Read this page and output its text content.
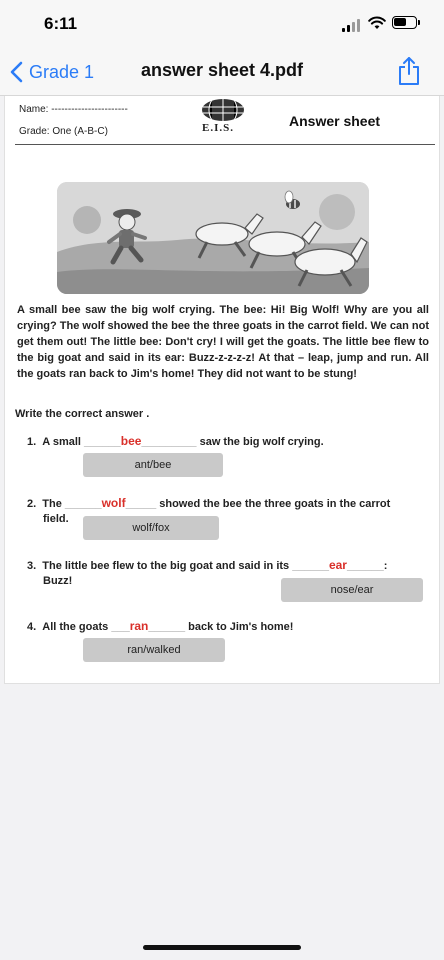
6:11
Grade 1	answer sheet 4.pdf
Name: -----------------------
Grade: One (A-B-C)	E.I.S.	Answer sheet
A small bee saw the big wolf crying. The bee: Hi! Big Wolf! Why are you all crying? The wolf showed the bee the three goats in the carrot field. We can not get them out! The little bee: Don't cry! I will get the goats. The little bee flew to the big goat and said in its ear: Buzz-z-z-z-z! At that – leap, jump and run. All the goats ran back to Jim's home! They did not want to be stung!
Write the correct answer .
1. A small ______bee_________ saw the big wolf crying.
ant/bee
2. The ______wolf_____ showed the bee the three goats in the carrot
field.
wolf/fox
3. The little bee flew to the big goat and said in its ______ear______:
Buzz!
nose/ear
4. All the goats ___ran______ back to Jim's home!
ran/walked
